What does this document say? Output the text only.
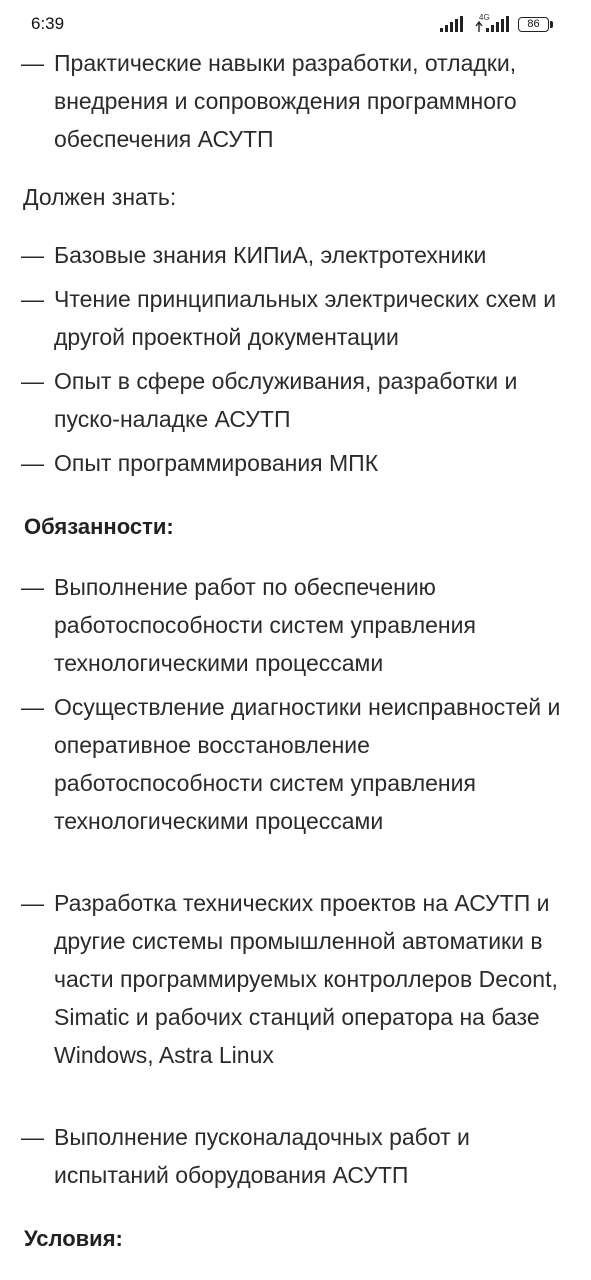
6:39	4G
86
— Практические навыки разработки, отладки, внедрения и сопровождения программного обеспечения АСУТП
Должен знать:
— Базовые знания КИПиА, электротехники
— Чтение принципиальных электрических схем и другой проектной документации
— Опыт в сфере обслуживания, разработки и пуско-наладке АСУТП
— Опыт программирования МПК
Обязанности:
— Выполнение работ по обеспечению работоспособности систем управления технологическими процессами
— Осуществление диагностики неисправностей и оперативное восстановление работоспособности систем управления технологическими процессами
— Разработка технических проектов на АСУТП и другие системы промышленной автоматики в части программируемых контроллеров Decont, Simatic и рабочих станций оператора на базе Windows, Astra Linux
— Выполнение пусконаладочных работ и испытаний оборудования АСУТП
Условия:
